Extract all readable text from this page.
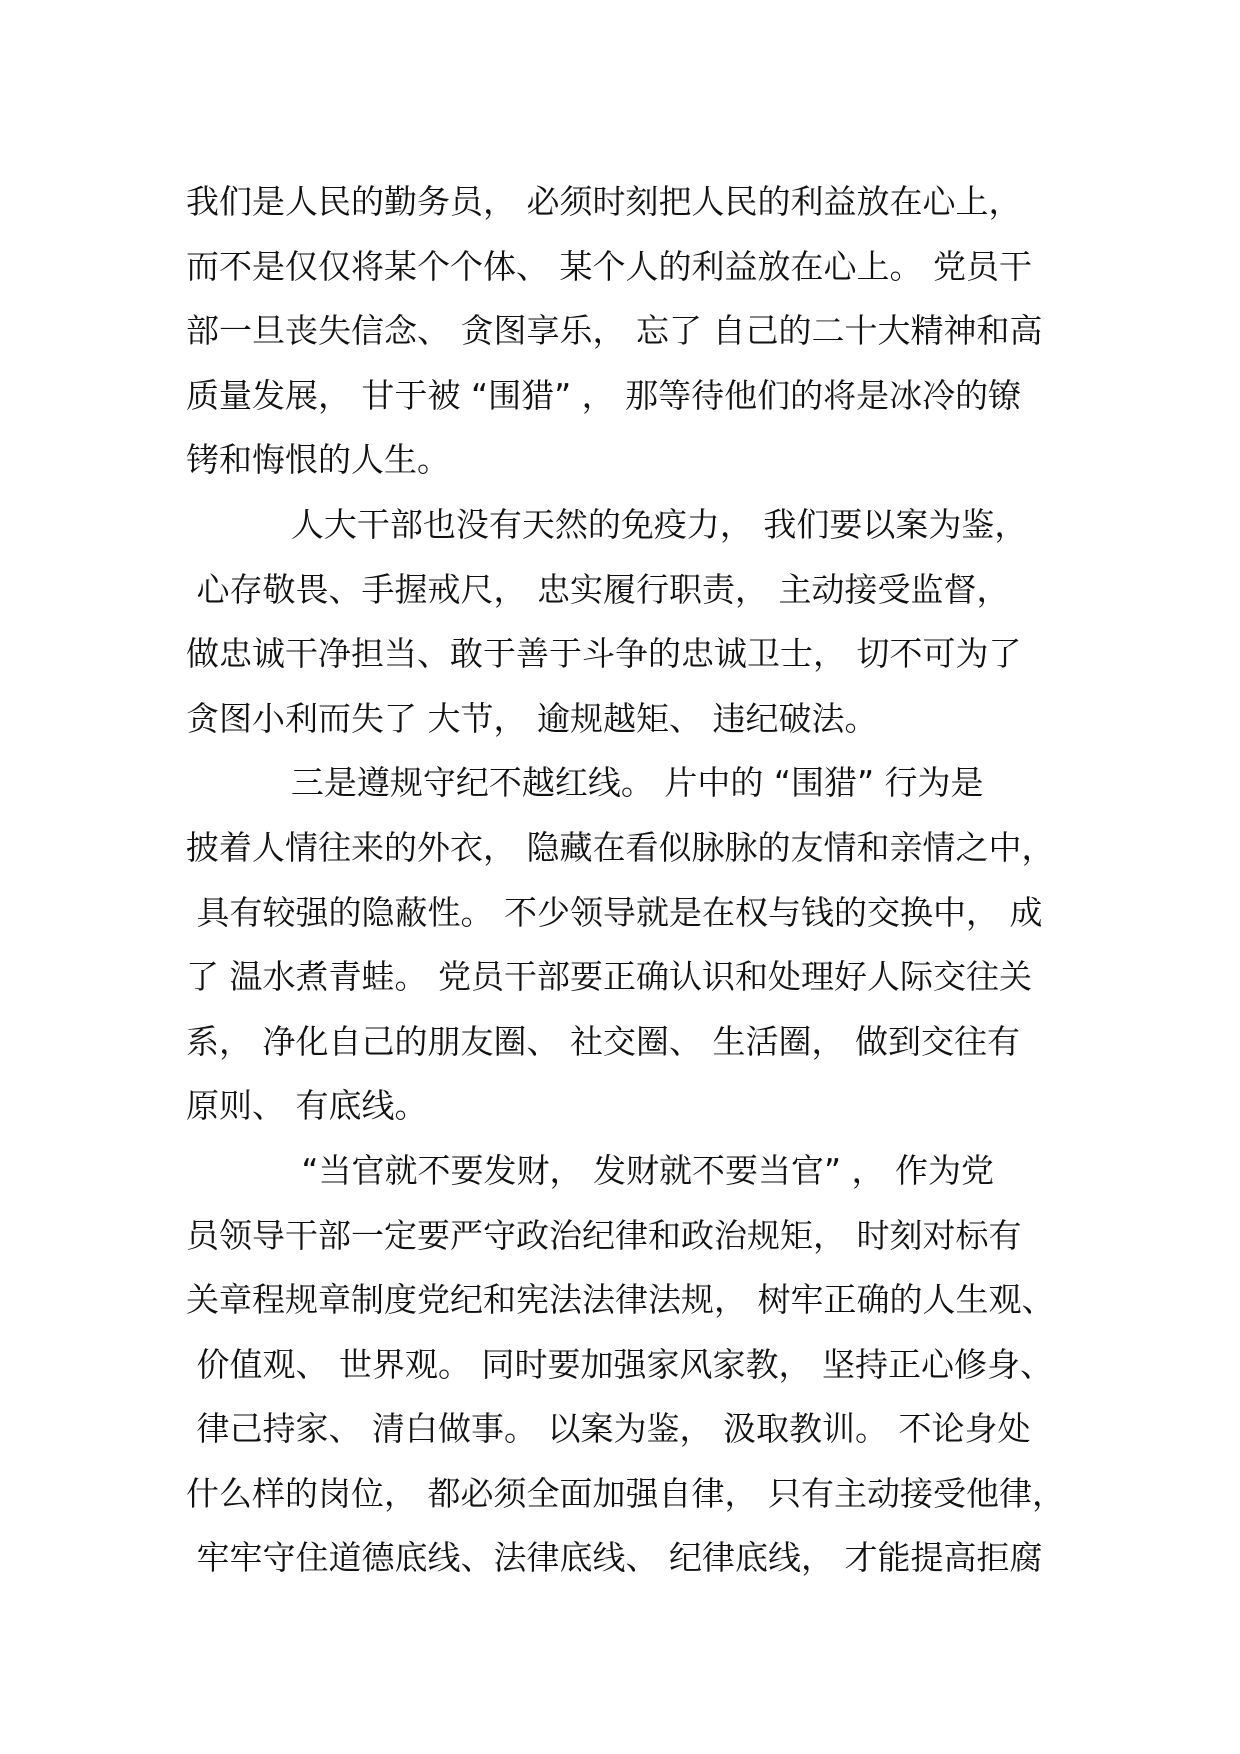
我们是人民的勤务员， 必须时刻把人民的利益放在心上，
而不是仅仅将某个个体、 某个人的利益放在心上。 党员干
部一旦丧失信念、 贪图享乐， 忘了 自己的二十大精神和高
质量发展， 甘于被 “围猎” ， 那等待他们的将是冰冷的镣
铐和悔恨的人生。
人大干部也没有天然的免疫力， 我们要以案为鉴，
心存敬畏、手握戒尺， 忠实履行职责， 主动接受监督，
做忠诚干净担当、敢于善于斗争的忠诚卫士， 切不可为了
贪图小利而失了 大节， 逾规越矩、 违纪破法。
三是遵规守纪不越红线。 片中的 “围猎” 行为是
披着人情往来的外衣， 隐藏在看似脉脉的友情和亲情之中，
具有较强的隐蔽性。 不少领导就是在权与钱的交换中， 成
了 温水煮青蛙。 党员干部要正确认识和处理好人际交往关
系， 净化自己的朋友圈、 社交圈、 生活圈， 做到交往有
原则、 有底线。
“当官就不要发财， 发财就不要当官” ， 作为党
员领导干部一定要严守政治纪律和政治规矩， 时刻对标有
关章程规章制度党纪和宪法法律法规， 树牢正确的人生观、
价值观、 世界观。 同时要加强家风家教， 坚持正心修身、
律己持家、 清白做事。 以案为鉴， 汲取教训。 不论身处
什么样的岗位， 都必须全面加强自律， 只有主动接受他律，
牢牢守住道德底线、法律底线、 纪律底线， 才能提高拒腐
